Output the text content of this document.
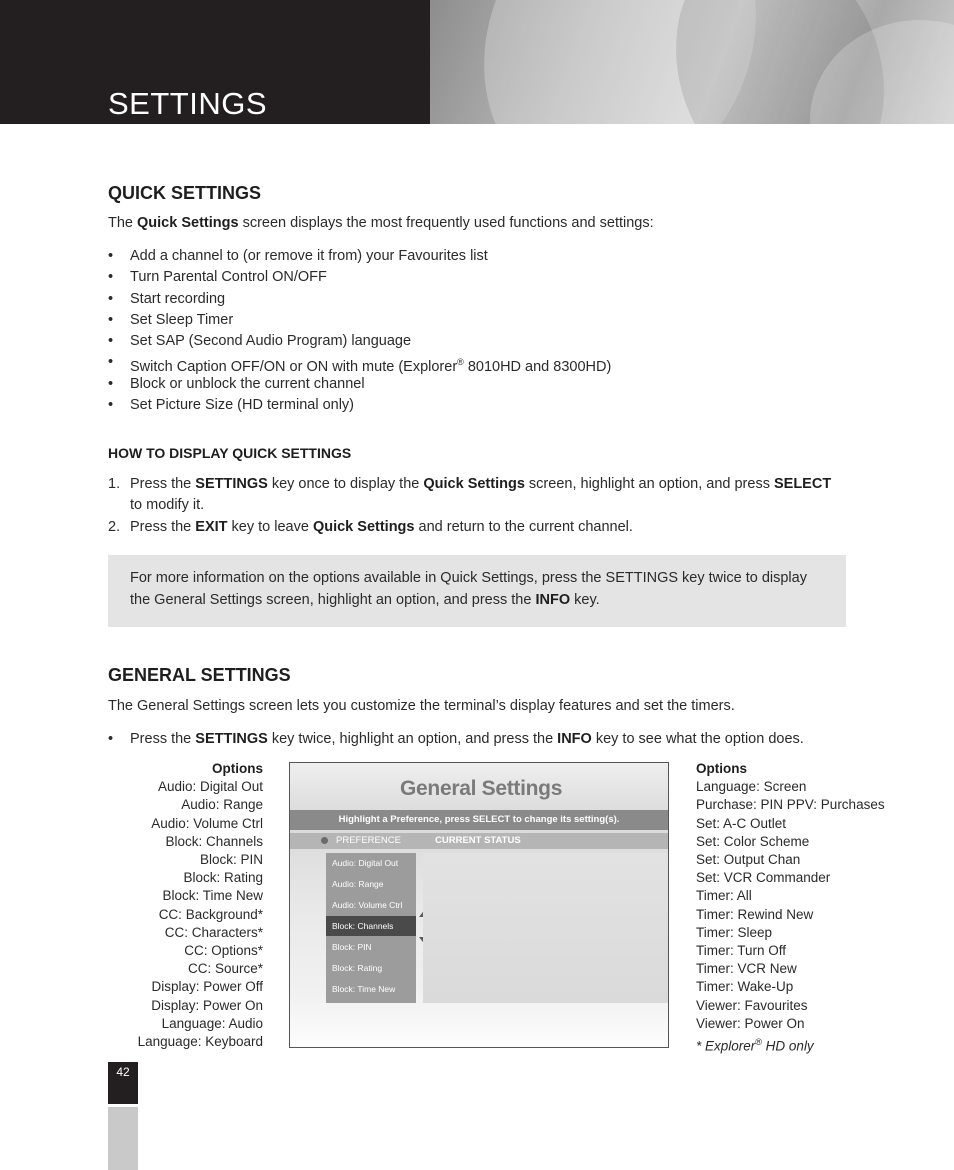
SETTINGS
QUICK SETTINGS

The Quick Settings screen displays the most frequently used functions and settings:

• Add a channel to (or remove it from) your Favourites list
• Turn Parental Control ON/OFF
• Start recording
• Set Sleep Timer
• Set SAP (Second Audio Program) language
• Switch Caption OFF/ON or ON with mute (Explorer® 8010HD and 8300HD)
• Block or unblock the current channel
• Set Picture Size (HD terminal only)
HOW TO DISPLAY QUICK SETTINGS
1. Press the SETTINGS key once to display the Quick Settings screen, highlight an option, and press SELECT to modify it.
2. Press the EXIT key to leave Quick Settings and return to the current channel.

For more information on the options available in Quick Settings, press the SETTINGS key twice to display the General Settings screen, highlight an option, and press the INFO key.

GENERAL SETTINGS

The General Settings screen lets you customize the terminal’s display features and set the timers.

• Press the SETTINGS key twice, highlight an option, and press the INFO key to see what the option does.
Options
Audio: Digital Out
Audio: Range
Audio: Volume Ctrl
Block: Channels
Block: PIN
Block: Rating
Block: Time New
CC: Background*
CC: Characters*
CC: Options*
CC: Source*
Display: Power Off
Display: Power On
Language: Audio
Language: Keyboard
General Settings
Highlight a Preference, press SELECT to change its setting(s).
PREFERENCE	CURRENT STATUS
Audio: Digital Out
Audio: Range
Audio: Volume Ctrl
Block: Channels
Block: PIN
Block: Rating
Block: Time New
Options
Language: Screen
Purchase: PIN PPV: Purchases
Set: A-C Outlet
Set: Color Scheme
Set: Output Chan
Set: VCR Commander
Timer: All
Timer: Rewind New
Timer: Sleep
Timer: Turn Off
Timer: VCR New
Timer: Wake-Up
Viewer: Favourites
Viewer: Power On
* Explorer® HD only
42
